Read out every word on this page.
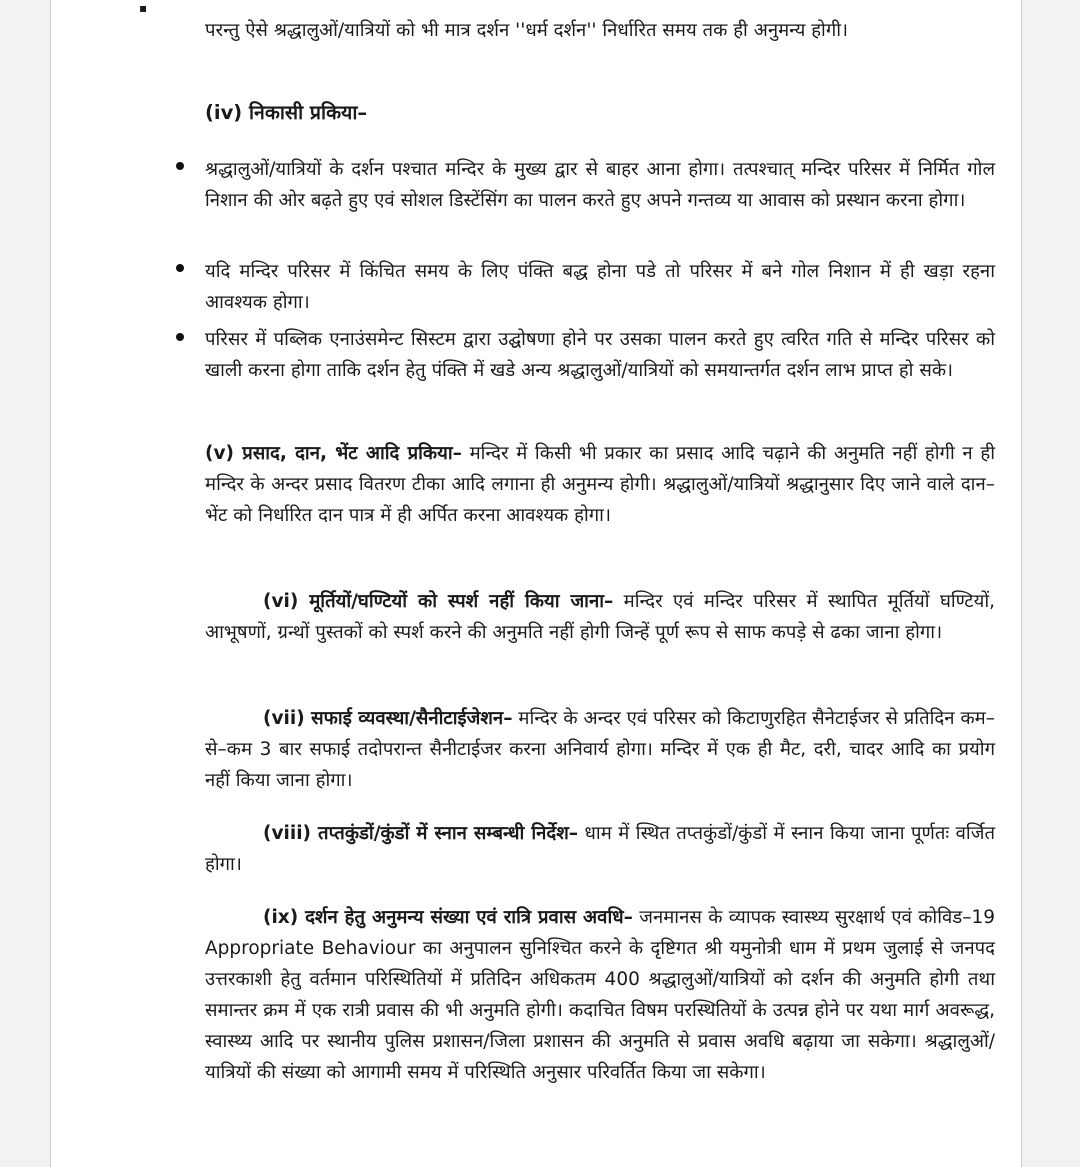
▪
परन्तु ऐसे श्रद्धालुओं/यात्रियों को भी मात्र दर्शन ''धर्म दर्शन'' निर्धारित समय तक ही अनुमन्य होगी।
(iv) निकासी प्रकिया–
श्रद्धालुओं/यात्रियों के दर्शन पश्चात मन्दिर के मुख्य द्वार से बाहर आना होगा। तत्पश्चात् मन्दिर परिसर में निर्मित गोल निशान की ओर बढ़ते हुए एवं सोशल डिस्टेंसिंग का पालन करते हुए अपने गन्तव्य या आवास को प्रस्थान करना होगा।
यदि मन्दिर परिसर में किंचित समय के लिए पंक्ति बद्ध होना पडे तो परिसर में बने गोल निशान में ही खड़ा रहना आवश्यक होगा।
परिसर में पब्लिक एनाउंसमेन्ट सिस्टम द्वारा उद्घोषणा होने पर उसका पालन करते हुए त्वरित गति से मन्दिर परिसर को खाली करना होगा ताकि दर्शन हेतु पंक्ति में खडे अन्य श्रद्धालुओं/यात्रियों को समयान्तर्गत दर्शन लाभ प्राप्त हो सके।
(v) प्रसाद, दान, भेंट आदि प्रकिया– मन्दिर में किसी भी प्रकार का प्रसाद आदि चढ़ाने की अनुमति नहीं होगी न ही मन्दिर के अन्दर प्रसाद वितरण टीका आदि लगाना ही अनुमन्य होगी। श्रद्धालुओं/यात्रियों श्रद्धानुसार दिए जाने वाले दान–भेंट को निर्धारित दान पात्र में ही अर्पित करना आवश्यक होगा।
(vi) मूर्तियों/घण्टियों को स्पर्श नहीं किया जाना– मन्दिर एवं मन्दिर परिसर में स्थापित मूर्तियों घण्टियों, आभूषणों, ग्रन्थों पुस्तकों को स्पर्श करने की अनुमति नहीं होगी जिन्हें पूर्ण रूप से साफ कपड़े से ढका जाना होगा।
(vii) सफाई व्यवस्था/सैनीटाईजेशन– मन्दिर के अन्दर एवं परिसर को किटाणुरहित सैनेटाईजर से प्रतिदिन कम–से–कम 3 बार सफाई तदोपरान्त सैनीटाईजर करना अनिवार्य होगा। मन्दिर में एक ही मैट, दरी, चादर आदि का प्रयोग नहीं किया जाना होगा।
(viii) तप्तकुंडों/कुंडों में स्नान सम्बन्धी निर्देश– धाम में स्थित तप्तकुंडों/कुंडों में स्नान किया जाना पूर्णतः वर्जित होगा।
(ix) दर्शन हेतु अनुमन्य संख्या एवं रात्रि प्रवास अवधि– जनमानस के व्यापक स्वास्थ्य सुरक्षार्थ एवं कोविड–19 Appropriate Behaviour का अनुपालन सुनिश्चित करने के दृष्टिगत श्री यमुनोत्री धाम में प्रथम जुलाई से जनपद उत्तरकाशी हेतु वर्तमान परिस्थितियों में प्रतिदिन अधिकतम 400 श्रद्धालुओं/यात्रियों को दर्शन की अनुमति होगी तथा समान्तर क्रम में एक रात्री प्रवास की भी अनुमति होगी। कदाचित विषम परस्थितियों के उत्पन्न होने पर यथा मार्ग अवरूद्ध, स्वास्थ्य आदि पर स्थानीय पुलिस प्रशासन/जिला प्रशासन की अनुमति से प्रवास अवधि बढ़ाया जा सकेगा। श्रद्धालुओं/यात्रियों की संख्या को आगामी समय में परिस्थिति अनुसार परिवर्तित किया जा सकेगा।
